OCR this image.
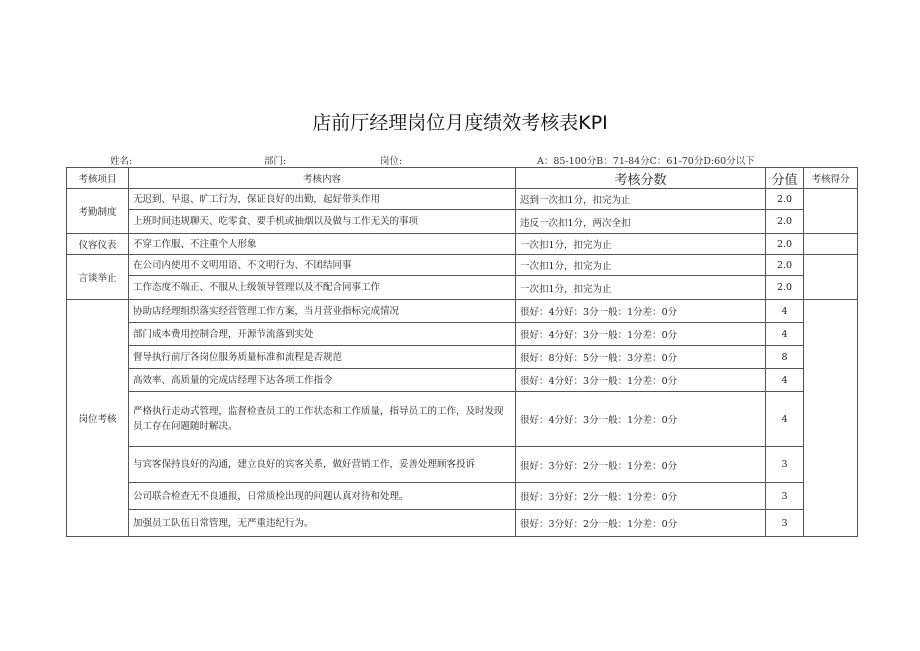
店前厅经理岗位月度绩效考核表KPI
姓名:	部门:	岗位:	A：85-100分B：71-84分C：61-70分D:60分以下
考核项目	考核内容	考核分数	分值	考核得分
考勤制度	无迟到、早退、旷工行为，保证良好的出勤，起好带头作用	迟到一次扣1分，扣完为止	2.0	
	上班时间违规聊天、吃零食、要手机或抽烟以及做与工作无关的事项	违反一次扣1分，两次全扣	2.0	
仪容仪表	不穿工作服、不注重个人形象	一次扣1分，扣完为止	2.0	
言谈举止	在公司内使用不文明用语、不文明行为、不团结同事	一次扣1分，扣完为止	2.0	
	工作态度不端正、不服从上级领导管理以及不配合同事工作	一次扣1分，扣完为止	2.0	
岗位考核	协助店经理组织落实经营管理工作方案，当月营业指标完成情况	很好：4分好：3分一般：1分差：0分	4	
	部门成本费用控制合理，开源节流落到实处	很好：4分好：3分一般：1分差：0分	4	
	督导执行前厅各岗位服务质量标准和流程是否规范	很好：8分好：5分一般：3分差：0分	8	
	高效率、高质量的完成店经理下达各项工作指令	很好：4分好：3分一般：1分差：0分	4	
	严格执行走动式管理，监督检查员工的工作状态和工作质量，指导员工的工作，及时发现员工存在问题随时解决。	很好：4分好：3分一般：1分差：0分	4	
	与宾客保持良好的沟通，建立良好的宾客关系，做好营销工作，妥善处理顾客投诉	很好：3分好：2分一般：1分差：0分	3	
	公司联合检查无不良通报，日常质检出现的问题认真对待和处理。	很好：3分好：2分一般：1分差：0分	3	
	加强员工队伍日常管理，无严重违纪行为。	很好：3分好：2分一般：1分差：0分	3	
